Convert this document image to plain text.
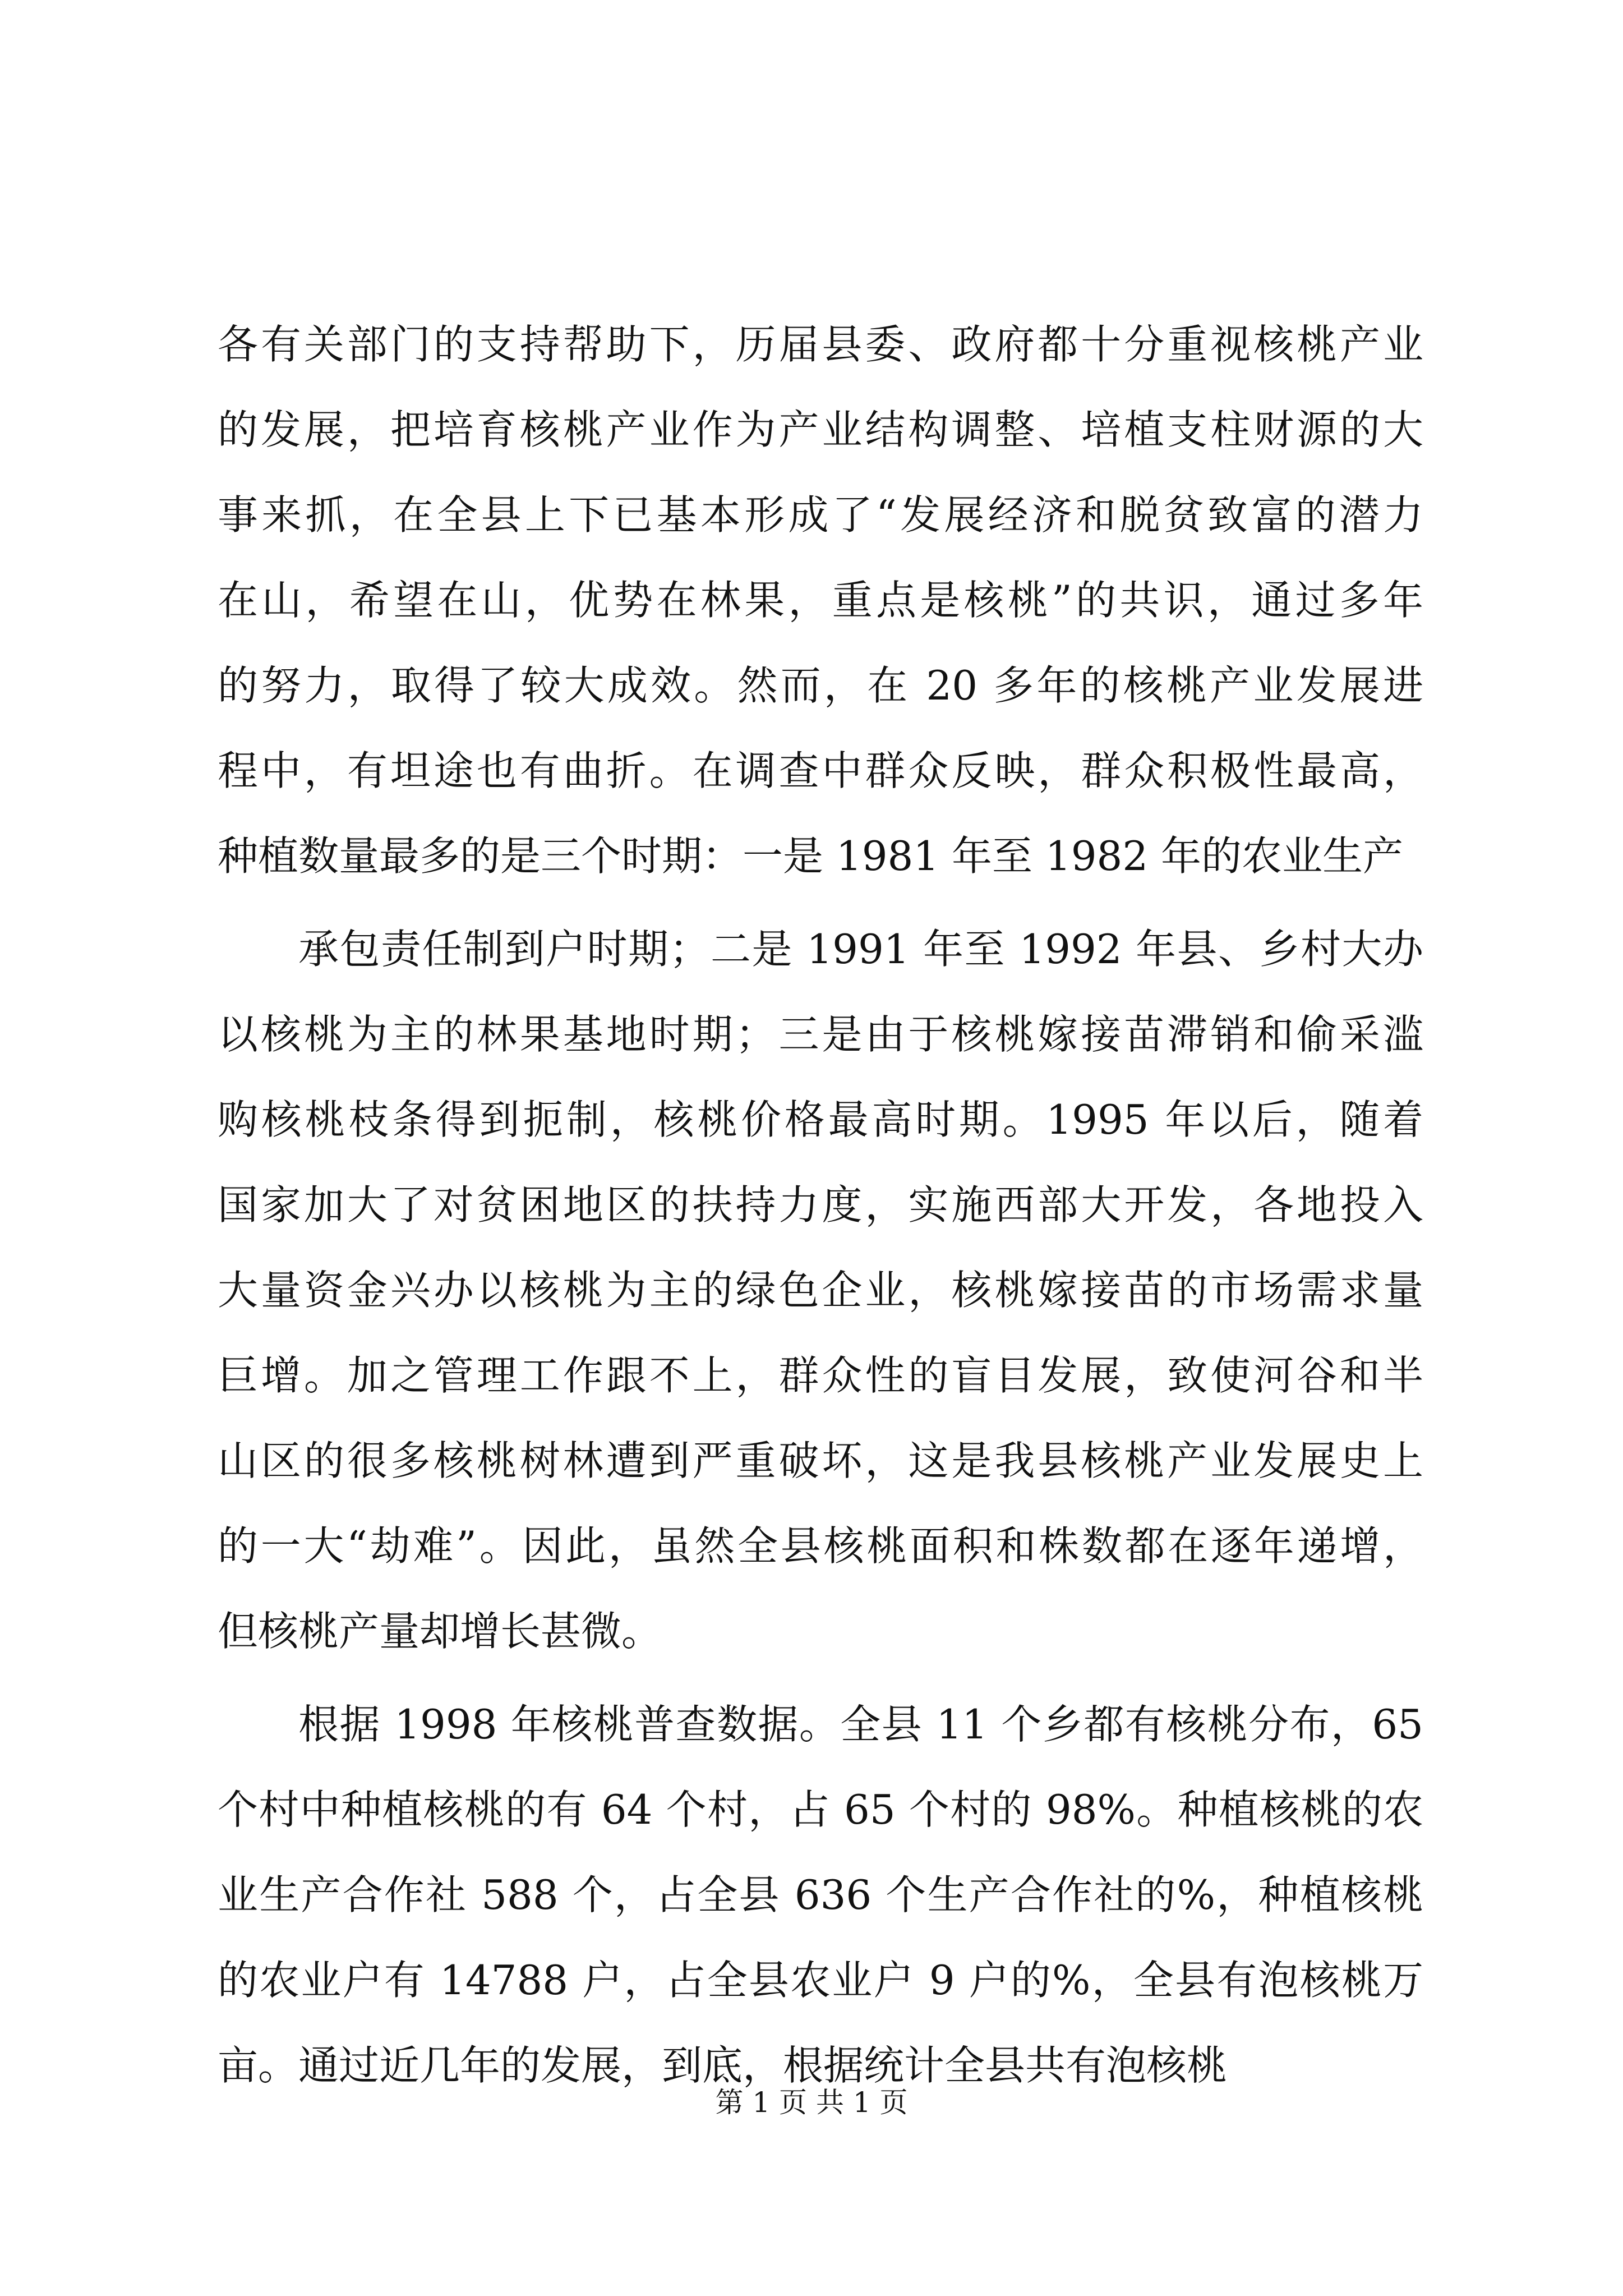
各有关部门的支持帮助下，历届县委、政府都十分重视核桃产业
的发展，把培育核桃产业作为产业结构调整、培植支柱财源的大
事来抓，在全县上下已基本形成了“发展经济和脱贫致富的潜力
在山，希望在山，优势在林果，重点是核桃”的共识，通过多年
的努力，取得了较大成效。然而，在 20 多年的核桃产业发展进
程中，有坦途也有曲折。在调查中群众反映，群众积极性最高，
种植数量最多的是三个时期：一是 1981 年至 1982 年的农业生产
承包责任制到户时期；二是 1991 年至 1992 年县、乡村大办
以核桃为主的林果基地时期；三是由于核桃嫁接苗滞销和偷采滥
购核桃枝条得到扼制，核桃价格最高时期。1995 年以后，随着
国家加大了对贫困地区的扶持力度，实施西部大开发，各地投入
大量资金兴办以核桃为主的绿色企业，核桃嫁接苗的市场需求量
巨增。加之管理工作跟不上，群众性的盲目发展，致使河谷和半
山区的很多核桃树林遭到严重破坏，这是我县核桃产业发展史上
的一大“劫难”。因此，虽然全县核桃面积和株数都在逐年递增，
但核桃产量却增长甚微。
根据 1998 年核桃普查数据。全县 11 个乡都有核桃分布，65
个村中种植核桃的有 64 个村，占 65 个村的 98%。种植核桃的农
业生产合作社 588 个，占全县 636 个生产合作社的%，种植核桃
的农业户有 14788 户，占全县农业户 9 户的%，全县有泡核桃万
亩。通过近几年的发展，到底，根据统计全县共有泡核桃
第 1 页 共 1 页
